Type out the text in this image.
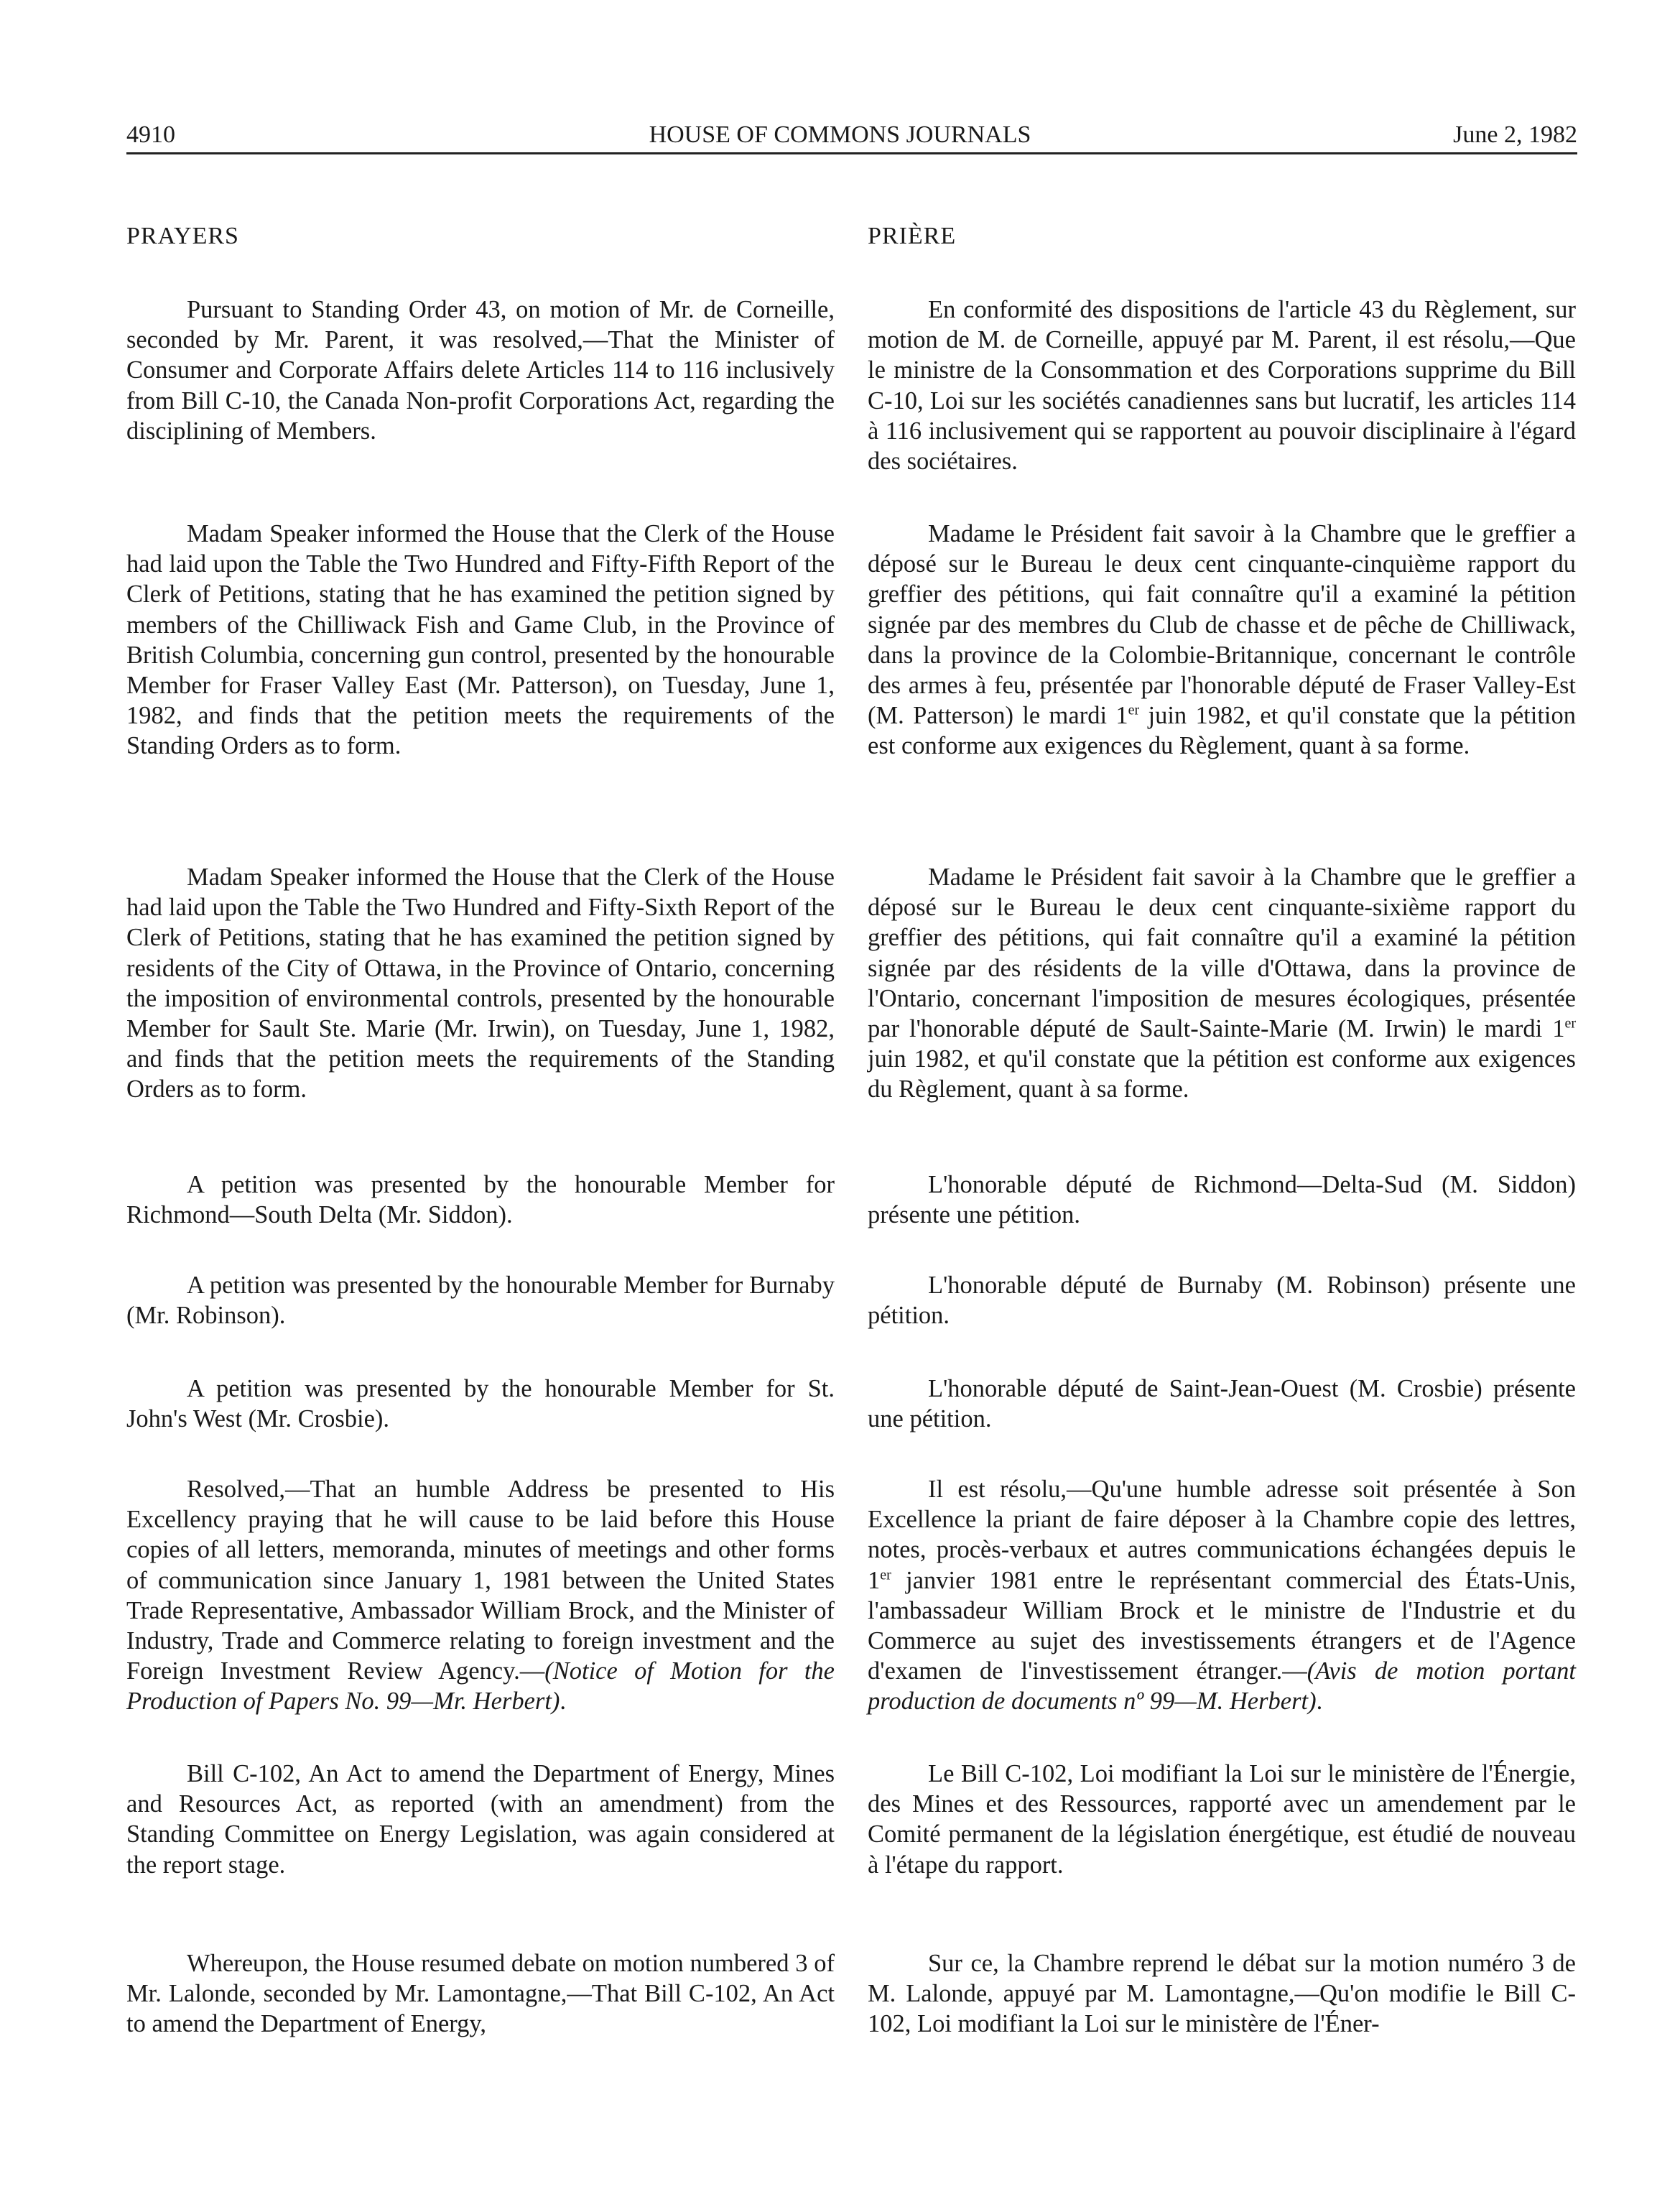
HOUSE OF COMMONS JOURNALS
4910	June 2, 1982
PRAYERS	PRIÈRE
Pursuant to Standing Order 43, on motion of Mr. de Corneille, seconded by Mr. Parent, it was resolved,—That the Minister of Consumer and Corporate Affairs delete Articles 114 to 116 inclusively from Bill C-10, the Canada Non-profit Corporations Act, regarding the disciplining of Members.
Madam Speaker informed the House that the Clerk of the House had laid upon the Table the Two Hundred and Fifty-Fifth Report of the Clerk of Petitions, stating that he has examined the petition signed by members of the Chilliwack Fish and Game Club, in the Province of British Columbia, concerning gun control, presented by the honourable Member for Fraser Valley East (Mr. Patterson), on Tuesday, June 1, 1982, and finds that the petition meets the requirements of the Standing Orders as to form.
Madam Speaker informed the House that the Clerk of the House had laid upon the Table the Two Hundred and Fifty-Sixth Report of the Clerk of Petitions, stating that he has examined the petition signed by residents of the City of Ottawa, in the Province of Ontario, concerning the imposition of environmental controls, presented by the honourable Member for Sault Ste. Marie (Mr. Irwin), on Tuesday, June 1, 1982, and finds that the petition meets the requirements of the Standing Orders as to form.
A petition was presented by the honourable Member for Richmond—South Delta (Mr. Siddon).
A petition was presented by the honourable Member for Burnaby (Mr. Robinson).
A petition was presented by the honourable Member for St. John's West (Mr. Crosbie).
Resolved,—That an humble Address be presented to His Excellency praying that he will cause to be laid before this House copies of all letters, memoranda, minutes of meetings and other forms of communication since January 1, 1981 between the United States Trade Representative, Ambassador William Brock, and the Minister of Industry, Trade and Commerce relating to foreign investment and the Foreign Investment Review Agency.—(Notice of Motion for the Production of Papers No. 99—Mr. Herbert).
Bill C-102, An Act to amend the Department of Energy, Mines and Resources Act, as reported (with an amendment) from the Standing Committee on Energy Legislation, was again considered at the report stage.
Whereupon, the House resumed debate on motion numbered 3 of Mr. Lalonde, seconded by Mr. Lamontagne,—That Bill C-102, An Act to amend the Department of Energy,
En conformité des dispositions de l'article 43 du Règlement, sur motion de M. de Corneille, appuyé par M. Parent, il est résolu,—Que le ministre de la Consommation et des Corporations supprime du Bill C-10, Loi sur les sociétés canadiennes sans but lucratif, les articles 114 à 116 inclusivement qui se rapportent au pouvoir disciplinaire à l'égard des sociétaires.
Madame le Président fait savoir à la Chambre que le greffier a déposé sur le Bureau le deux cent cinquante-cinquième rapport du greffier des pétitions, qui fait connaître qu'il a examiné la pétition signée par des membres du Club de chasse et de pêche de Chilliwack, dans la province de la Colombie-Britannique, concernant le contrôle des armes à feu, présentée par l'honorable député de Fraser Valley-Est (M. Patterson) le mardi 1er juin 1982, et qu'il constate que la pétition est conforme aux exigences du Règlement, quant à sa forme.
Madame le Président fait savoir à la Chambre que le greffier a déposé sur le Bureau le deux cent cinquante-sixième rapport du greffier des pétitions, qui fait connaître qu'il a examiné la pétition signée par des résidents de la ville d'Ottawa, dans la province de l'Ontario, concernant l'imposition de mesures écologiques, présentée par l'honorable député de Sault-Sainte-Marie (M. Irwin) le mardi 1er juin 1982, et qu'il constate que la pétition est conforme aux exigences du Règlement, quant à sa forme.
L'honorable député de Richmond—Delta-Sud (M. Siddon) présente une pétition.
L'honorable député de Burnaby (M. Robinson) présente une pétition.
L'honorable député de Saint-Jean-Ouest (M. Crosbie) présente une pétition.
Il est résolu,—Qu'une humble adresse soit présentée à Son Excellence la priant de faire déposer à la Chambre copie des lettres, notes, procès-verbaux et autres communications échangées depuis le 1er janvier 1981 entre le représentant commercial des États-Unis, l'ambassadeur William Brock et le ministre de l'Industrie et du Commerce au sujet des investissements étrangers et de l'Agence d'examen de l'investissement étranger.—(Avis de motion portant production de documents nº 99—M. Herbert).
Le Bill C-102, Loi modifiant la Loi sur le ministère de l'Énergie, des Mines et des Ressources, rapporté avec un amendement par le Comité permanent de la législation énergétique, est étudié de nouveau à l'étape du rapport.
Sur ce, la Chambre reprend le débat sur la motion numéro 3 de M. Lalonde, appuyé par M. Lamontagne,—Qu'on modifie le Bill C-102, Loi modifiant la Loi sur le ministère de l'Éner-
